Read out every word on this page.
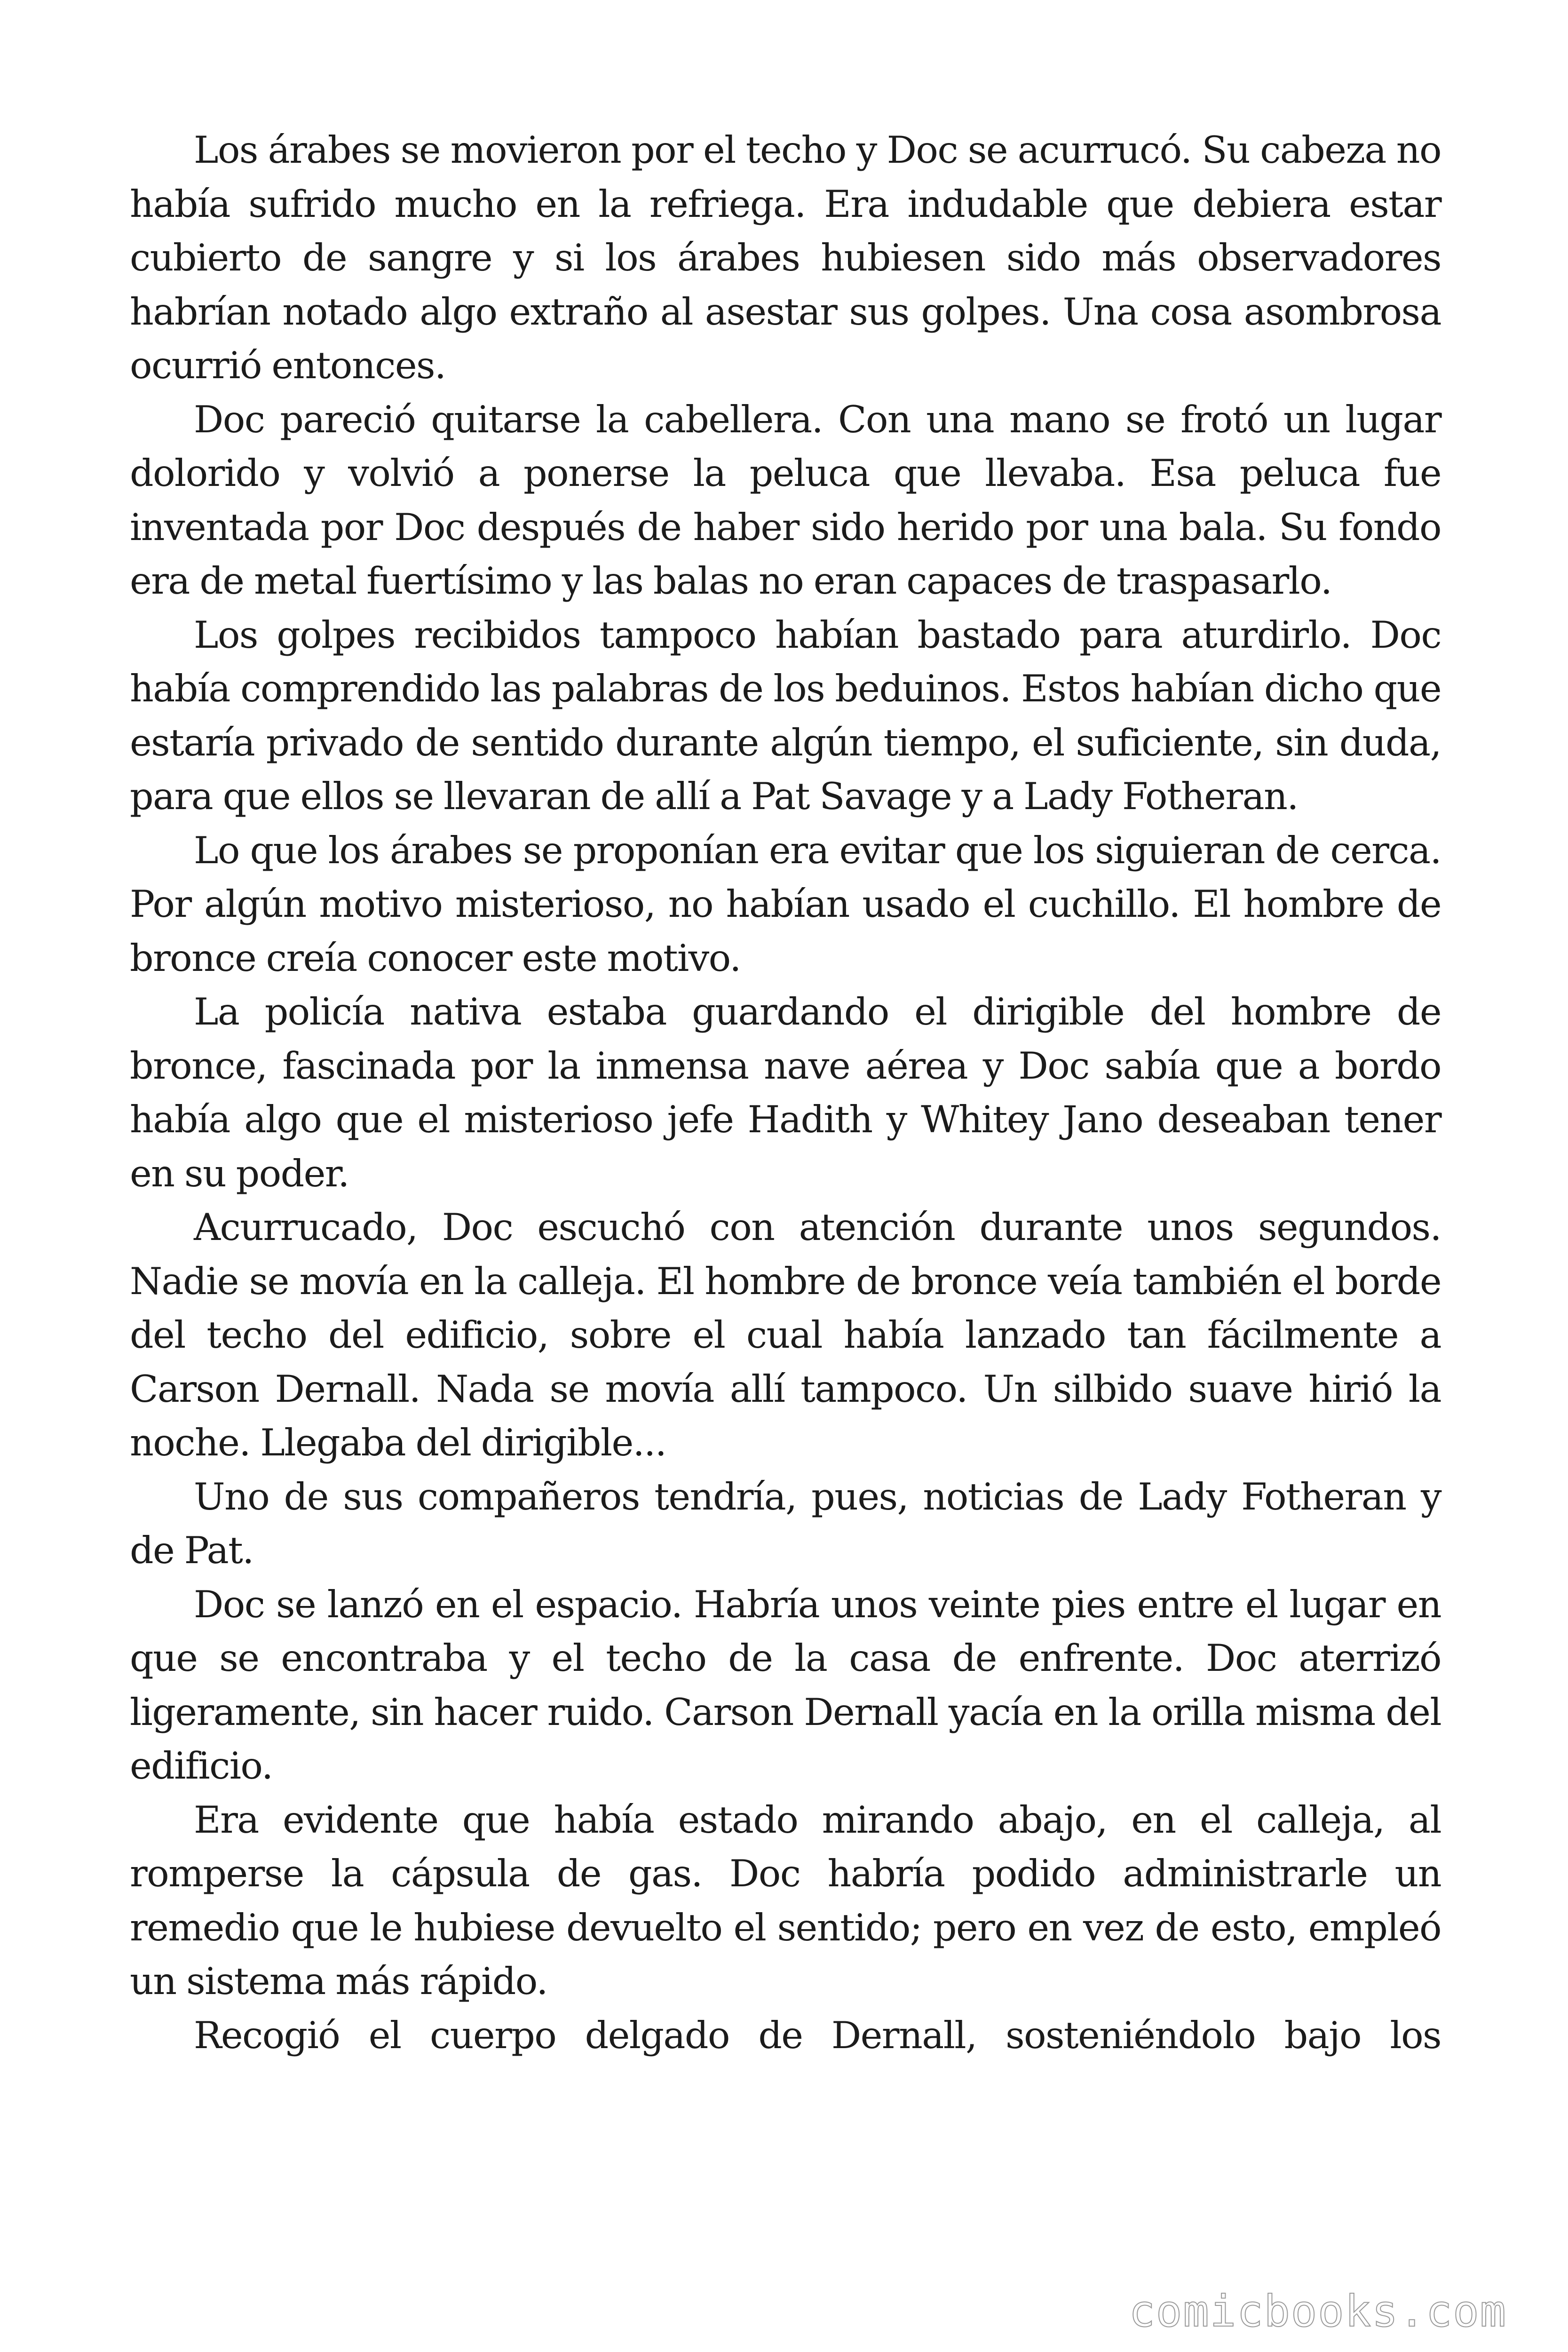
Los árabes se movieron por el techo y Doc se acurrucó. Su cabeza no había sufrido mucho en la refriega. Era indudable que debiera estar cubierto de sangre y si los árabes hubiesen sido más observadores habrían notado algo extraño al asestar sus golpes. Una cosa asombrosa ocurrió entonces.

Doc pareció quitarse la cabellera. Con una mano se frotó un lugar dolorido y volvió a ponerse la peluca que llevaba. Esa peluca fue inventada por Doc después de haber sido herido por una bala. Su fondo era de metal fuertísimo y las balas no eran capaces de traspasarlo.

Los golpes recibidos tampoco habían bastado para aturdirlo. Doc había comprendido las palabras de los beduinos. Estos habían dicho que estaría privado de sentido durante algún tiempo, el suficiente, sin duda, para que ellos se llevaran de allí a Pat Savage y a Lady Fotheran.

Lo que los árabes se proponían era evitar que los siguieran de cerca. Por algún motivo misterioso, no habían usado el cuchillo. El hombre de bronce creía conocer este motivo.

La policía nativa estaba guardando el dirigible del hombre de bronce, fascinada por la inmensa nave aérea y Doc sabía que a bordo había algo que el misterioso jefe Hadith y Whitey Jano deseaban tener en su poder.

Acurrucado, Doc escuchó con atención durante unos segundos. Nadie se movía en la calleja. El hombre de bronce veía también el borde del techo del edificio, sobre el cual había lanzado tan fácilmente a Carson Dernall. Nada se movía allí tampoco. Un silbido suave hirió la noche. Llegaba del dirigible...

Uno de sus compañeros tendría, pues, noticias de Lady Fotheran y de Pat.

Doc se lanzó en el espacio. Habría unos veinte pies entre el lugar en que se encontraba y el techo de la casa de enfrente. Doc aterrizó ligeramente, sin hacer ruido. Carson Dernall yacía en la orilla misma del edificio.

Era evidente que había estado mirando abajo, en el calleja, al romperse la cápsula de gas. Doc habría podido administrarle un remedio que le hubiese devuelto el sentido; pero en vez de esto, empleó un sistema más rápido.

Recogió el cuerpo delgado de Dernall, sosteniéndolo bajo los

comicbooks.com
